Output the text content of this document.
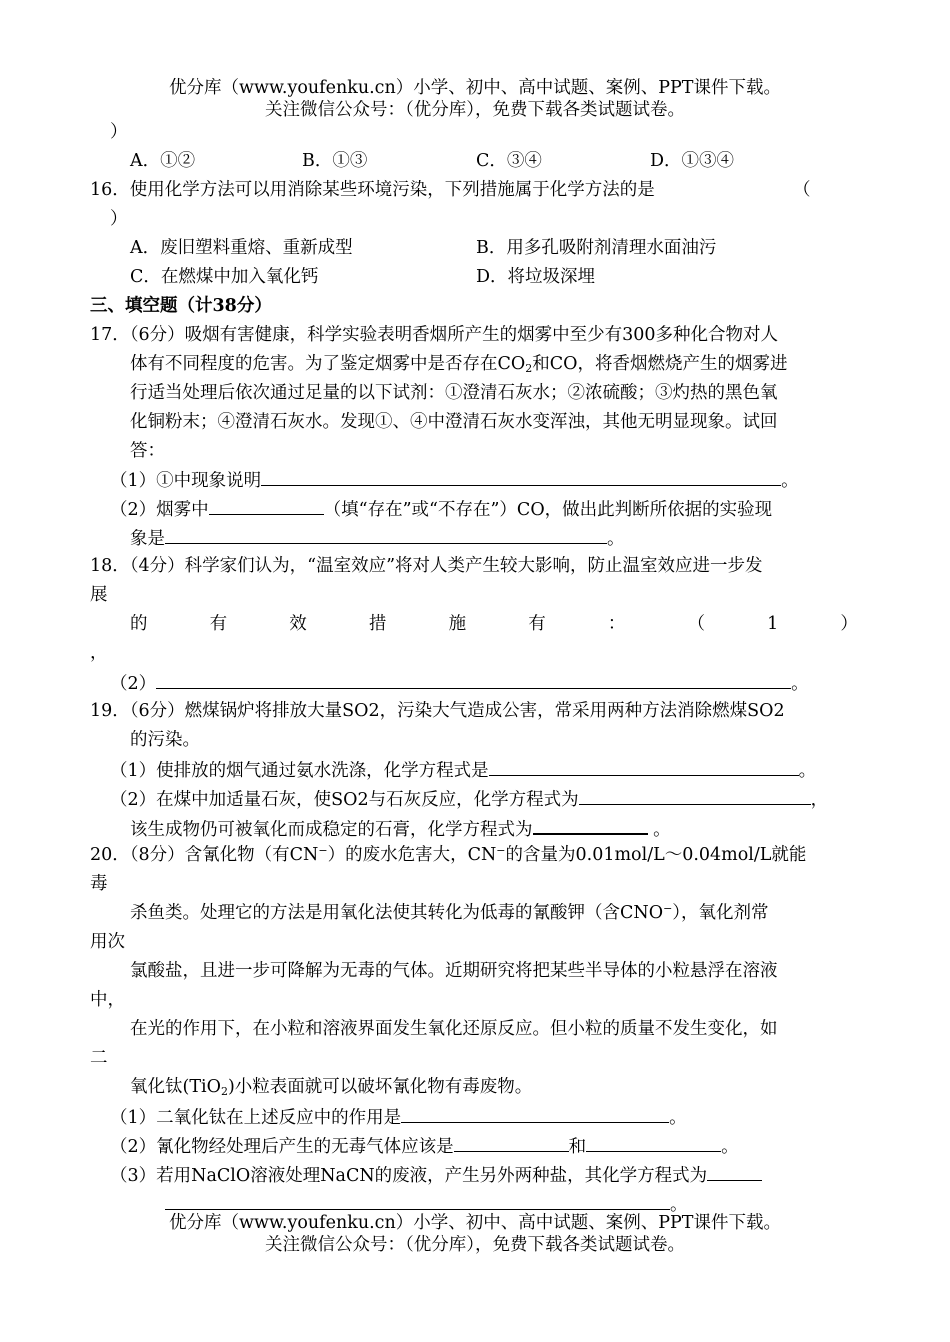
优分库（www.youfenku.cn）小学、初中、高中试题、案例、PPT课件下载。
关注微信公众号：（优分库），免费下载各类试题试卷。
）
A．①②	B．①③	C．③④	D．①③④
16．使用化学方法可以用消除某些环境污染，下列措施属于化学方法的是	（
）
A．废旧塑料重熔、重新成型	B．用多孔吸附剂清理水面油污
C．在燃煤中加入氧化钙	D．将垃圾深埋
三、填空题（计38分）
17．（6分）吸烟有害健康，科学实验表明香烟所产生的烟雾中至少有300多种化合物对人
体有不同程度的危害。为了鉴定烟雾中是否存在$CO_2$和CO，将香烟燃烧产生的烟雾进
行适当处理后依次通过足量的以下试剂：①澄清石灰水；②浓硫酸；③灼热的黑色氧
化铜粉末；④澄清石灰水。发现①、④中澄清石灰水变浑浊，其他无明显现象。试回
答：
（1）①中现象说明	。
（2）烟雾中	（填“存在”或“不存在”）CO，做出此判断所依据的实验现
象是	。
18．（4分）科学家们认为，“温室效应”将对人类产生较大影响，防止温室效应进一步发
展
的	有	效	措	施	有	：	（	1	）
，
（2）	。
19．（6分）燃煤锅炉将排放大量SO2，污染大气造成公害，常采用两种方法消除燃煤SO2
的污染。
（1）使排放的烟气通过氨水洗涤，化学方程式是	。
（2）在煤中加适量石灰，使SO2与石灰反应，化学方程式为	，
该生成物仍可被氧化而成稳定的石膏，化学方程式为	。
20．（8分）含氰化物（有CN−）的废水危害大，CN−的含量为0.01mol/L～0.04mol/L就能
毒
杀鱼类。处理它的方法是用氧化法使其转化为低毒的氰酸钾（含CNO−），氧化剂常
用次
氯酸盐，且进一步可降解为无毒的气体。近期研究将把某些半导体的小粒悬浮在溶液
中，
在光的作用下，在小粒和溶液界面发生氧化还原反应。但小粒的质量不发生变化，如
二
氧化钛(TiO$_2$)小粒表面就可以破坏氰化物有毒废物。
（1）二氧化钛在上述反应中的作用是	。
（2）氰化物经处理后产生的无毒气体应该是	和	。
（3）若用NaClO溶液处理NaCN的废液，产生另外两种盐，其化学方程式为
。
优分库（www.youfenku.cn）小学、初中、高中试题、案例、PPT课件下载。
关注微信公众号：（优分库），免费下载各类试题试卷。
